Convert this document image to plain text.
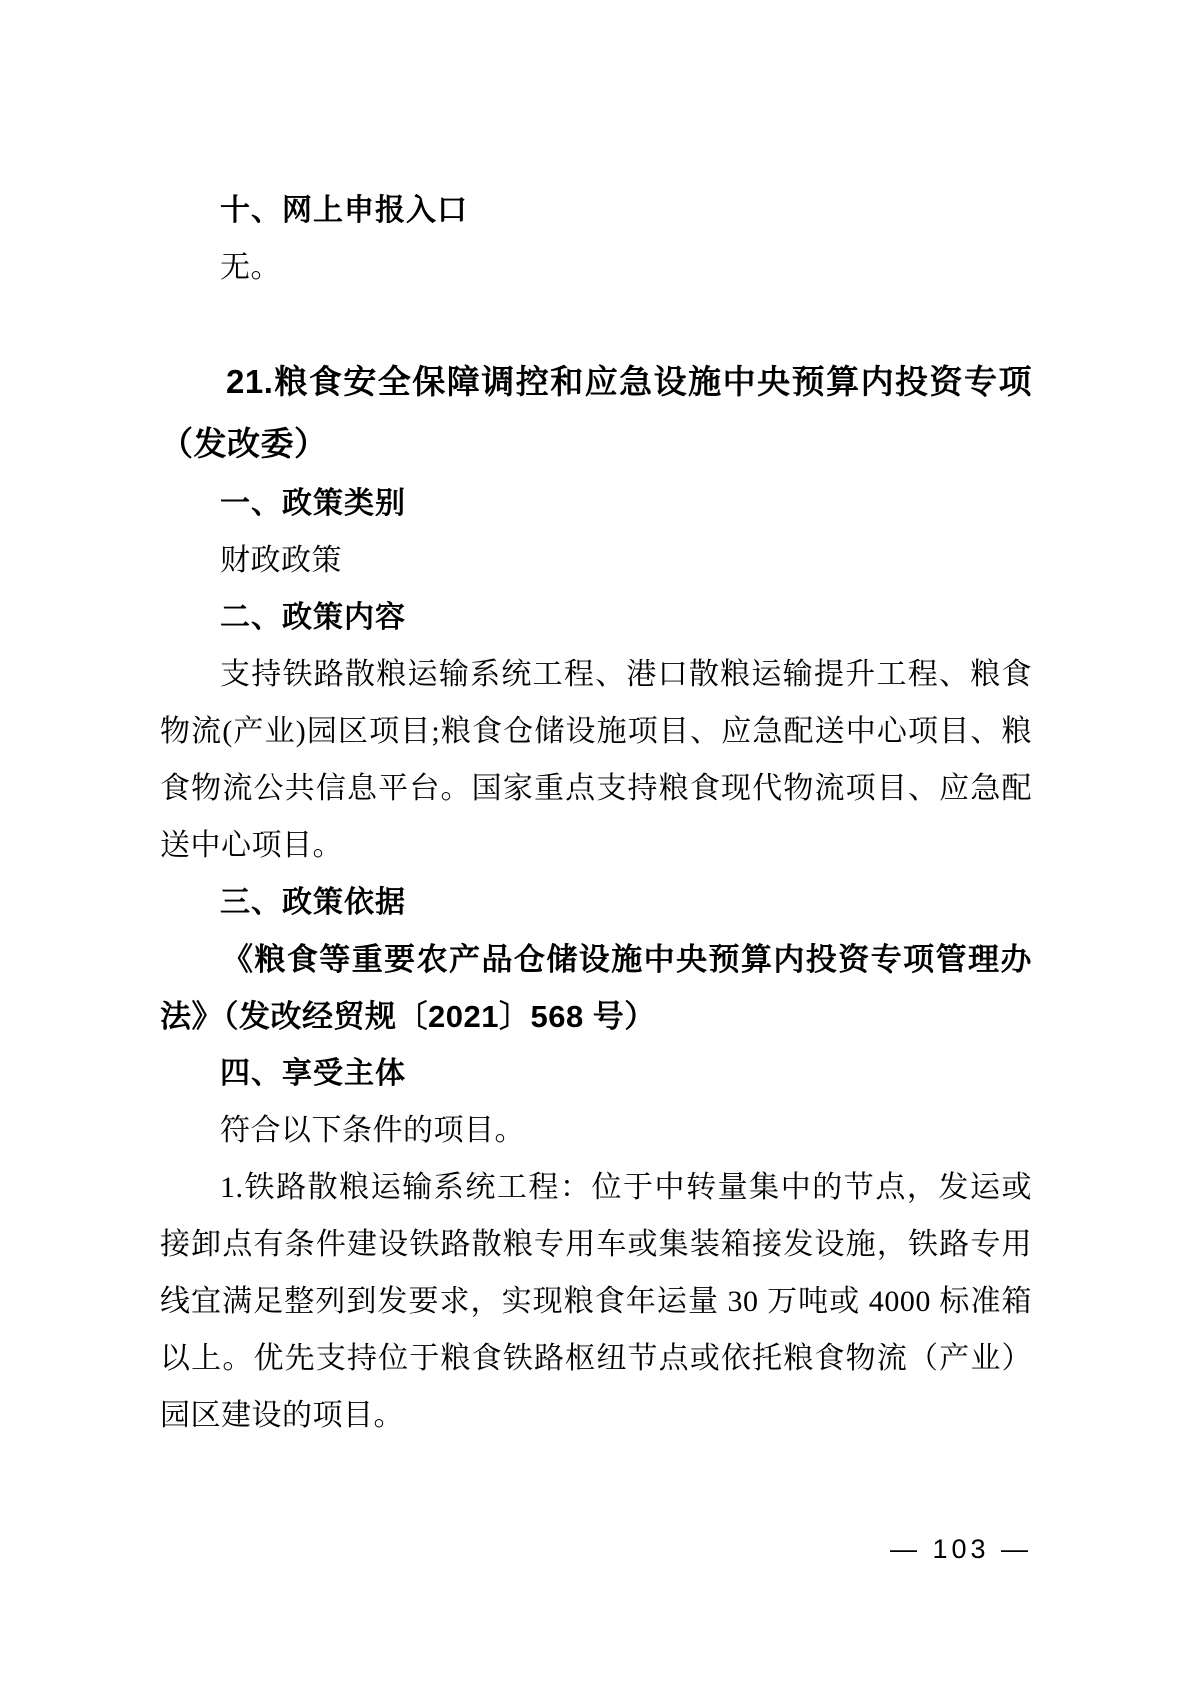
十、网上申报入口

无。

21.粮食安全保障调控和应急设施中央预算内投资专项（发改委）
一、政策类别

财政政策

二、政策内容

支持铁路散粮运输系统工程、港口散粮运输提升工程、粮食物流(产业)园区项目;粮食仓储设施项目、应急配送中心项目、粮食物流公共信息平台。国家重点支持粮食现代物流项目、应急配送中心项目。

三、政策依据

《粮食等重要农产品仓储设施中央预算内投资专项管理办法》（发改经贸规〔2021〕568 号）

四、享受主体

符合以下条件的项目。

1.铁路散粮运输系统工程：位于中转量集中的节点，发运或接卸点有条件建设铁路散粮专用车或集装箱接发设施，铁路专用线宜满足整列到发要求，实现粮食年运量 30 万吨或 4000 标准箱以上。优先支持位于粮食铁路枢纽节点或依托粮食物流（产业）园区建设的项目。

— 103 —
